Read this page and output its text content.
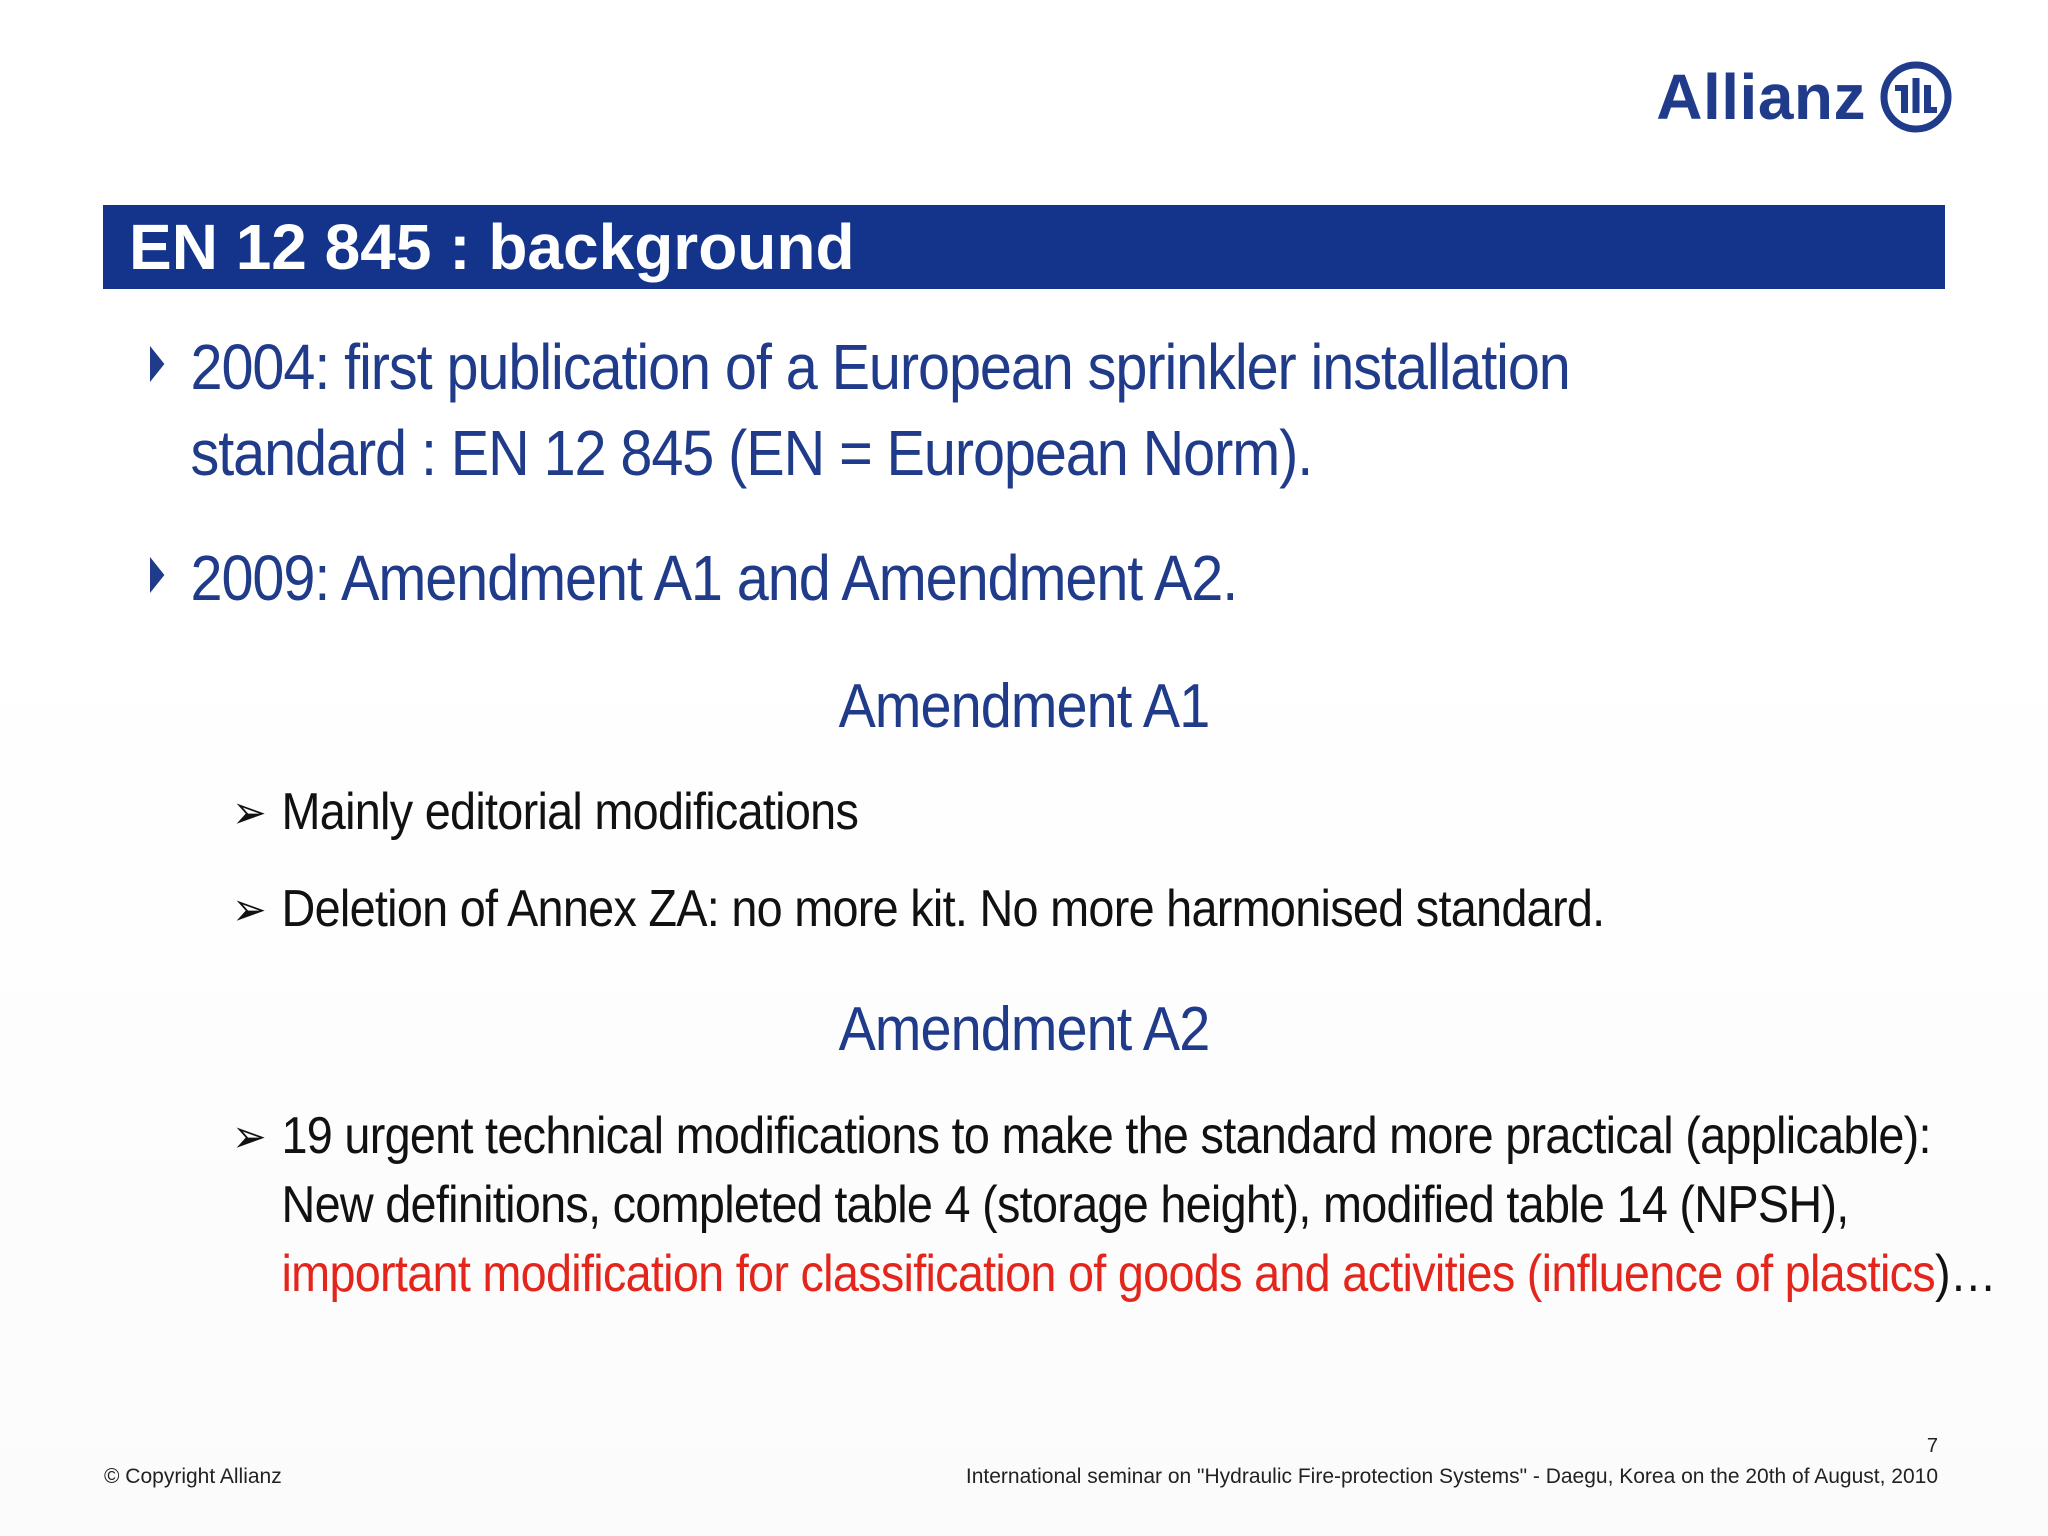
Allianz
EN 12 845 : background
2004: first publication of a European sprinkler installation standard : EN 12 845 (EN = European Norm).
2009: Amendment A1 and Amendment A2.
Amendment A1
➢ Mainly editorial modifications
➢ Deletion of Annex ZA: no more kit. No more harmonised standard.
Amendment A2
➢ 19 urgent technical modifications to make the standard more practical (applicable): New definitions, completed table 4 (storage height), modified table 14 (NPSH), important modification for classification of goods and activities (influence of plastics)…
7
© Copyright Allianz	International seminar on "Hydraulic Fire-protection Systems" - Daegu, Korea on the 20th of August, 2010
